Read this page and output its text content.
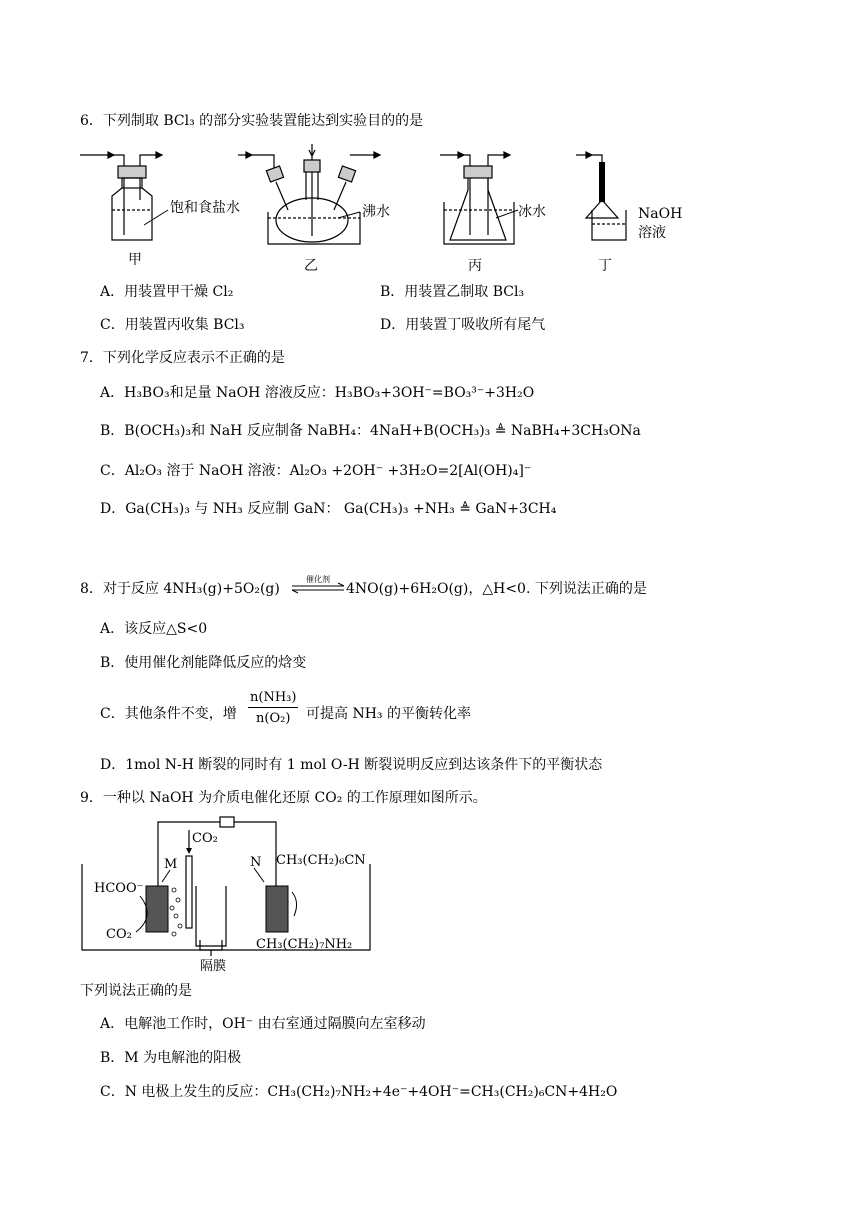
6．下列制取 BCl₃ 的部分实验装置能达到实验目的的是
饱和食盐水
甲
沸水
乙
冰水
丙
NaOH
溶液
丁
A．用装置甲干燥 Cl₂	B．用装置乙制取 BCl₃
C．用装置丙收集 BCl₃	D．用装置丁吸收所有尾气
7．下列化学反应表示不正确的是
A．H₃BO₃和足量 NaOH 溶液反应：H₃BO₃+3OH⁻=BO₃³⁻+3H₂O
B．B(OCH₃)₃和 NaH 反应制备 NaBH₄：4NaH+B(OCH₃)₃ ≜ NaBH₄+3CH₃ONa
C．Al₂O₃ 溶于 NaOH 溶液：Al₂O₃ +2OH⁻ +3H₂O=2[Al(OH)₄]⁻
D．Ga(CH₃)₃ 与 NH₃ 反应制 GaN： Ga(CH₃)₃ +NH₃ ≜ GaN+3CH₄
8．对于反应 4NH₃(g)+5O₂(g)
催化剂
4NO(g)+6H₂O(g)，△H<0. 下列说法正确的是
A．该反应△S<0
B．使用催化剂能降低反应的焓变
C．其他条件不变，增 $\frac{\text{n(NH₃)}}{\text{n(O₂)}}$ 可提高 NH₃ 的平衡转化率
D．1mol N-H 断裂的同时有 1 mol O-H 断裂说明反应到达该条件下的平衡状态
9．一种以 NaOH 为介质电催化还原 CO₂ 的工作原理如图所示。
CO₂
M	N
HCOO⁻
CO₂
CH₃(CH₂)₆CN
CH₃(CH₂)₇NH₂
隔膜
下列说法正确的是
A．电解池工作时，OH⁻ 由右室通过隔膜向左室移动
B．M 为电解池的阳极
C．N 电极上发生的反应：CH₃(CH₂)₇NH₂+4e⁻+4OH⁻=CH₃(CH₂)₆CN+4H₂O
